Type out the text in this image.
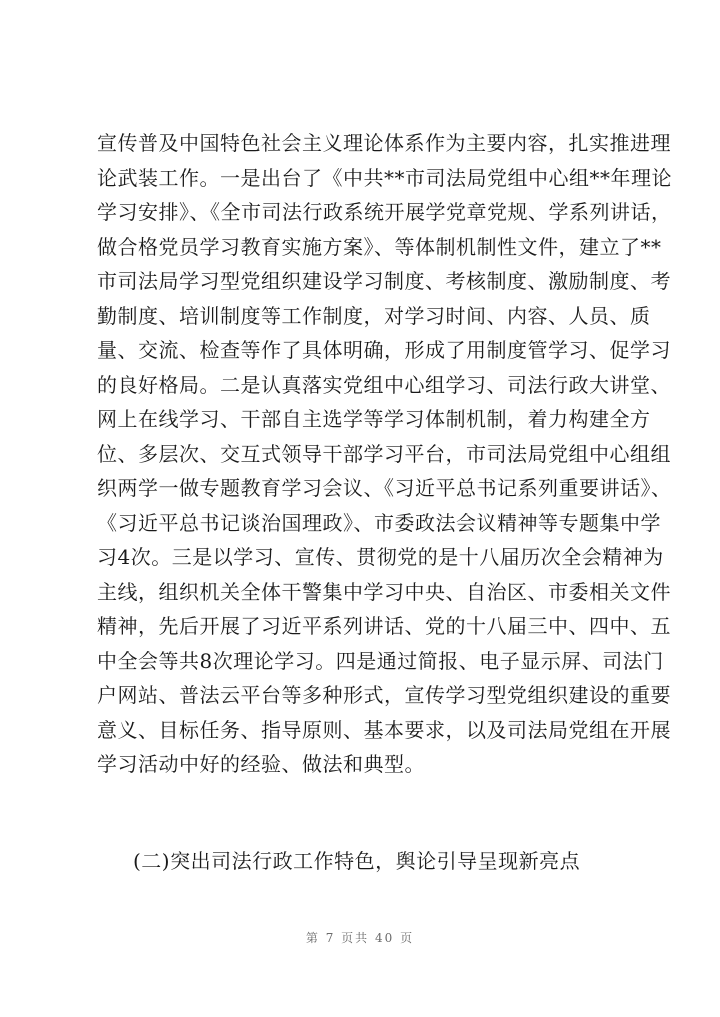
宣传普及中国特色社会主义理论体系作为主要内容，扎实推进理
论武装工作。一是出台了《中共**市司法局党组中心组**年理论
学习安排》、《全市司法行政系统开展学党章党规、学系列讲话，
做合格党员学习教育实施方案》、等体制机制性文件，建立了**
市司法局学习型党组织建设学习制度、考核制度、激励制度、考
勤制度、培训制度等工作制度，对学习时间、内容、人员、质
量、交流、检查等作了具体明确，形成了用制度管学习、促学习
的良好格局。二是认真落实党组中心组学习、司法行政大讲堂、
网上在线学习、干部自主选学等学习体制机制，着力构建全方
位、多层次、交互式领导干部学习平台，市司法局党组中心组组
织两学一做专题教育学习会议、《习近平总书记系列重要讲话》、
《习近平总书记谈治国理政》、市委政法会议精神等专题集中学
习4次。三是以学习、宣传、贯彻党的是十八届历次全会精神为
主线，组织机关全体干警集中学习中央、自治区、市委相关文件
精神，先后开展了习近平系列讲话、党的十八届三中、四中、五
中全会等共8次理论学习。四是通过简报、电子显示屏、司法门
户网站、普法云平台等多种形式，宣传学习型党组织建设的重要
意义、目标任务、指导原则、基本要求，以及司法局党组在开展
学习活动中好的经验、做法和典型。

(二)突出司法行政工作特色，舆论引导呈现新亮点

第 7 页共 40 页
